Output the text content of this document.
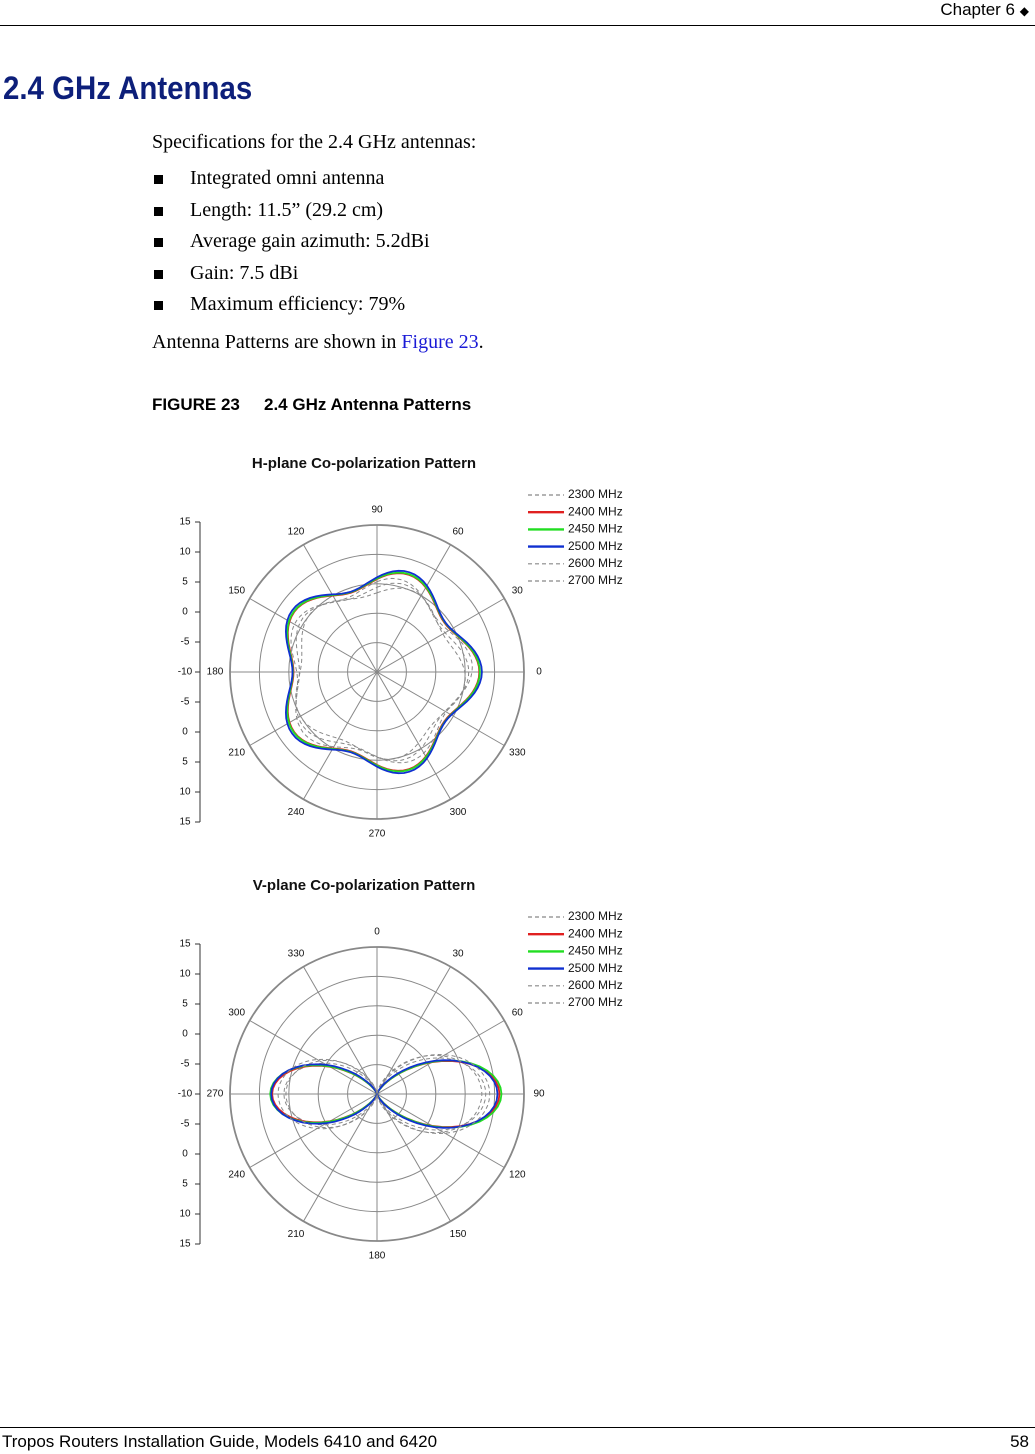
Chapter 6 ◆
2.4 GHz Antennas

Specifications for the 2.4 GHz antennas:

Integrated omni antenna
Length: 11.5” (29.2 cm)
Average gain azimuth: 5.2dBi
Gain: 7.5 dBi
Maximum efficiency: 79%

Antenna Patterns are shown in Figure 23.

FIGURE 23 2.4 GHz Antenna Patterns
H-plane Co-polarization Pattern
15
10
5
0
-5
-10
-5
0
5
10
15
90
60
30
0
330
300
270
240
210
180
150
120
2300 MHz
2400 MHz
2450 MHz
2500 MHz
2600 MHz
2700 MHz
V-plane Co-polarization Pattern
15
10
5
0
-5
-10
-5
0
5
10
15
0
30
60
90
120
150
180
210
240
270
300
330
2300 MHz
2400 MHz
2450 MHz
2500 MHz
2600 MHz
2700 MHz
Tropos Routers Installation Guide, Models 6410 and 6420	58
